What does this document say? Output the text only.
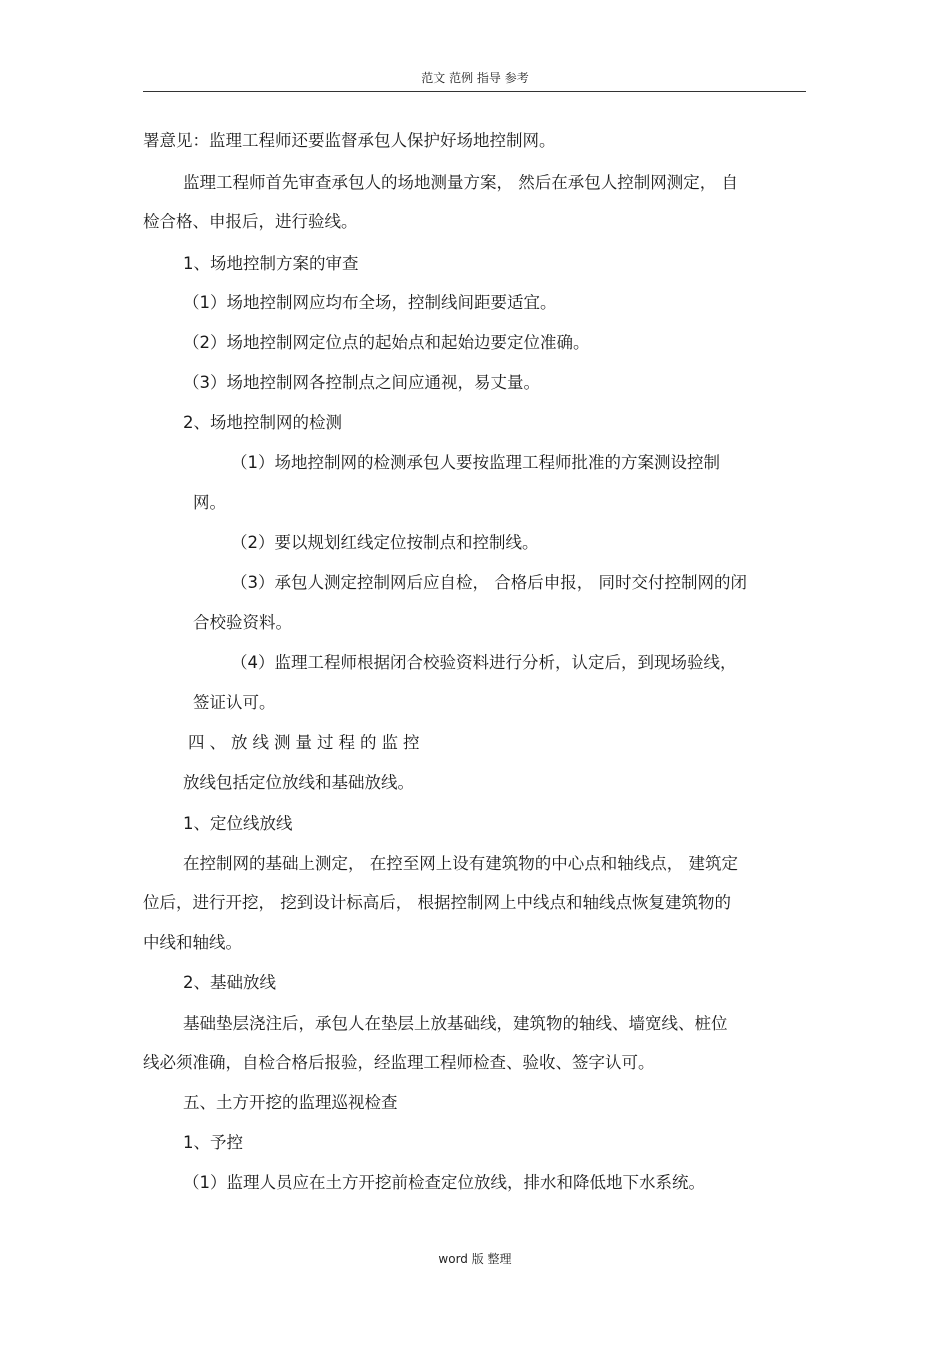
范文 范例 指导 参考
署意见：监理工程师还要监督承包人保护好场地控制网。
监理工程师首先审查承包人的场地测量方案， 然后在承包人控制网测定， 自
检合格、申报后，进行验线。
1、场地控制方案的审查
（1）场地控制网应均布全场，控制线间距要适宜。
（2）场地控制网定位点的起始点和起始边要定位准确。
（3）场地控制网各控制点之间应通视，易丈量。
2、场地控制网的检测
（1）场地控制网的检测承包人要按监理工程师批准的方案测设控制
网。
（2）要以规划红线定位按制点和控制线。
（3）承包人测定控制网后应自检， 合格后申报， 同时交付控制网的闭
合校验资料。
（4）监理工程师根据闭合校验资料进行分析，认定后，到现场验线，
签证认可。
四、放线测量过程的监控
放线包括定位放线和基础放线。
1、定位线放线
在控制网的基础上测定， 在控至网上设有建筑物的中心点和轴线点， 建筑定
位后，进行开挖， 挖到设计标高后， 根据控制网上中线点和轴线点恢复建筑物的
中线和轴线。
2、基础放线
基础垫层浇注后，承包人在垫层上放基础线，建筑物的轴线、墙宽线、桩位
线必须准确，自检合格后报验，经监理工程师检查、验收、签字认可。
五、土方开挖的监理巡视检查
1、予控
（1）监理人员应在土方开挖前检查定位放线，排水和降低地下水系统。
word 版 整理
